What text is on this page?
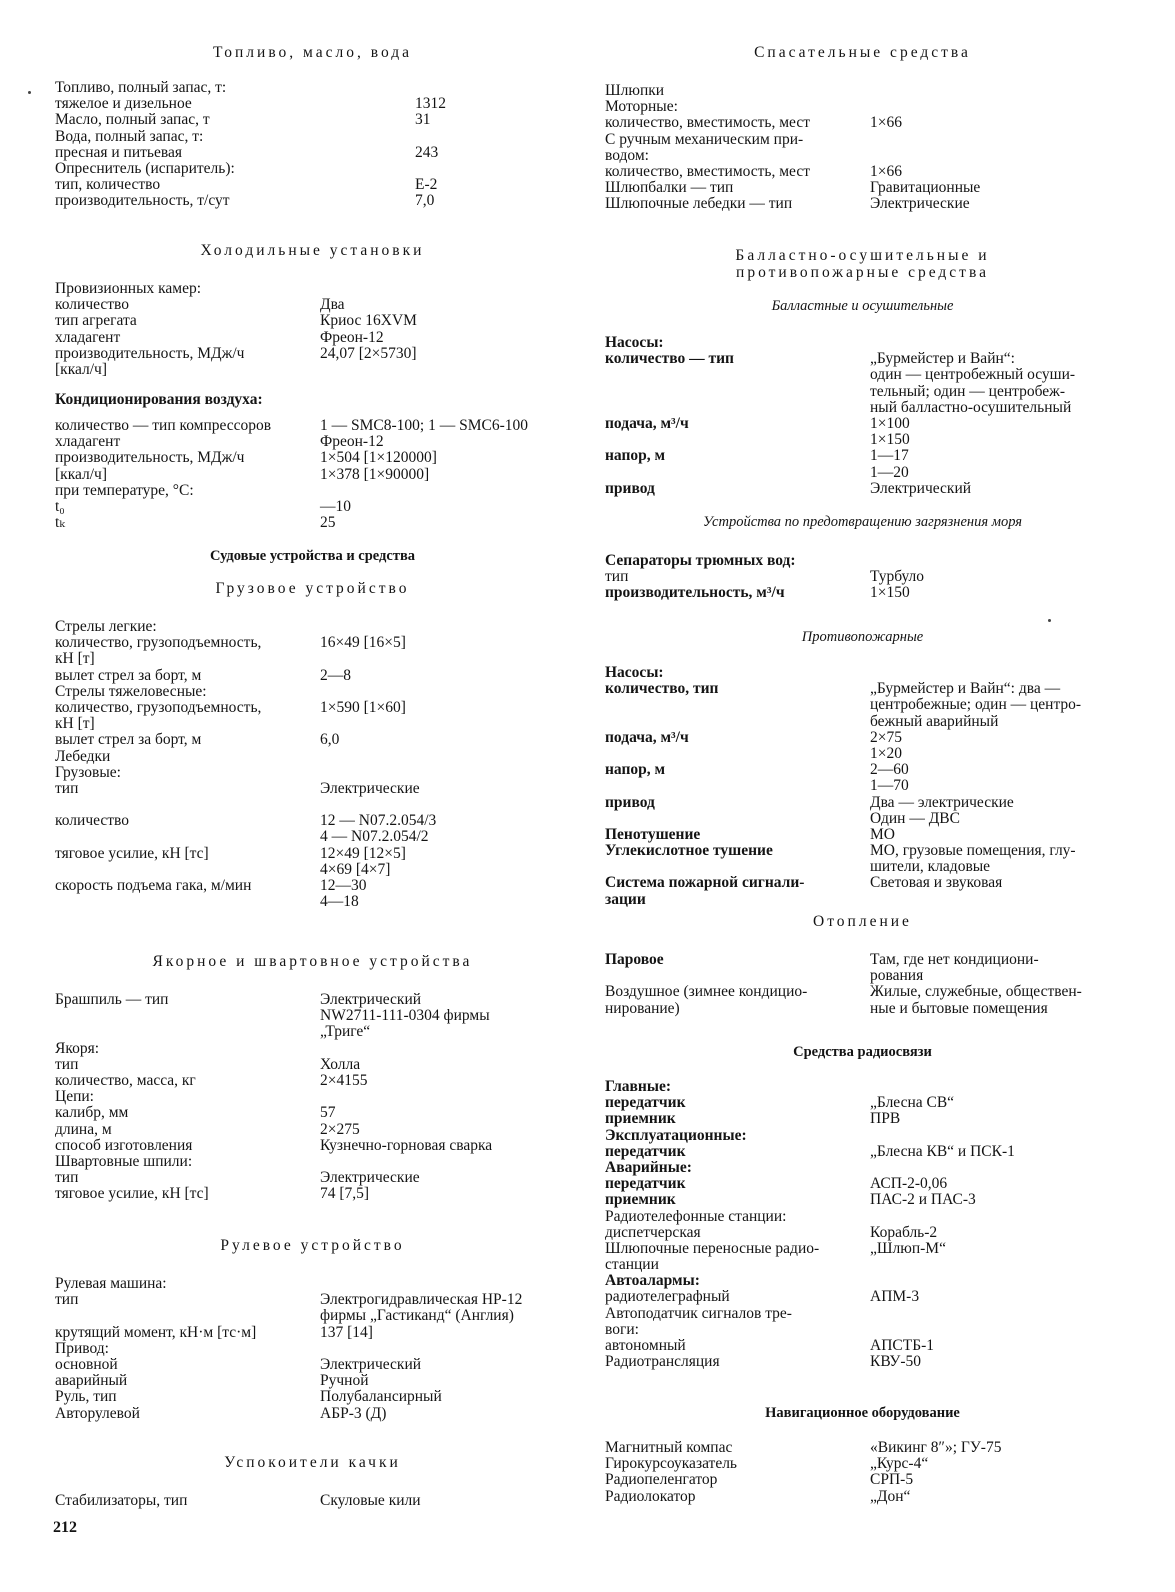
Топливо, масло, вода
Топливо, полный запас, т:
тяжелое и дизельное	1312
Масло, полный запас, т	31
Вода, полный запас, т:
пресная и питьевая	243
Опреснитель (испаритель):
тип, количество	Е-2
производительность, т/сут	7,0
Холодильные установки
Провизионных камер:
количество	Два
тип агрегата	Криос 16XVM
хладагент	Фреон-12
производительность, МДж/ч	24,07 [2×5730]
[ккал/ч]
Кондиционирования воздуха:
количество — тип компрессоров	1 — SMC8-100; 1 — SMC6-100
хладагент	Фреон-12
производительность, МДж/ч	1×504 [1×120000]
[ккал/ч]	1×378 [1×90000]
при температуре, °С:
t₀	—10
tₖ	25
Судовые устройства и средства
Грузовое устройство
Стрелы легкие:
количество, грузоподъемность,	16×49 [16×5]
кН [т]
вылет стрел за борт, м	2—8
Стрелы тяжеловесные:
количество, грузоподъемность,	1×590 [1×60]
кН [т]
вылет стрел за борт, м	6,0
Лебедки
Грузовые:
тип	Электрические
количество	12 — N07.2.054/3
4 — N07.2.054/2
тяговое усилие, кН [тс]	12×49 [12×5]
4×69 [4×7]
скорость подъема гака, м/мин	12—30
4—18
Якорное и швартовное устройства
Брашпиль — тип	Электрический
NW2711-111-0304 фирмы
„Триге“
Якоря:
тип	Холла
количество, масса, кг	2×4155
Цепи:
калибр, мм	57
длина, м	2×275
способ изготовления	Кузнечно-горновая сварка
Швартовные шпили:
тип	Электрические
тяговое усилие, кН [тс]	74 [7,5]
Рулевое устройство
Рулевая машина:
тип	Электрогидравлическая НР-12
фирмы „Гастиканд“ (Англия)
крутящий момент, кН·м [тс·м]	137 [14]
Привод:
основной	Электрический
аварийный	Ручной
Руль, тип	Полубалансирный
Авторулевой	АБР-3 (Д)
Успокоители качки
Стабилизаторы, тип	Скуловые кили
Спасательные средства
Шлюпки
Моторные:
количество, вместимость, мест	1×66
С ручным механическим при-
водом:
количество, вместимость, мест	1×66
Шлюпбалки — тип	Гравитационные
Шлюпочные лебедки — тип	Электрические
Балластно-осушительные и
противопожарные средства
Балластные и осушительные
Насосы:
количество — тип	„Бурмейстер и Вайн“:
один — центробежный осуши-
тельный; один — центробеж-
ный балластно-осушительный
подача, м³/ч	1×100
1×150
напор, м	1—17
1—20
привод	Электрический
Устройства по предотвращению загрязнения моря
Сепараторы трюмных вод:
тип	Турбуло
производительность, м³/ч	1×150
Противопожарные
Насосы:
количество, тип	„Бурмейстер и Вайн“: два —
центробежные; один — центро-
бежный аварийный
подача, м³/ч	2×75
1×20
напор, м	2—60
1—70
привод	Два — электрические
Один — ДВС
Пенотушение	МО
Углекислотное тушение	МО, грузовые помещения, глу-
шители, кладовые
Система пожарной сигнали-	Световая и звуковая
зации
Отопление
Паровое	Там, где нет кондициони-
рования
Воздушное (зимнее кондицио-	Жилые, служебные, обществен-
нирование)	ные и бытовые помещения
Средства радиосвязи
Главные:
передатчик	„Блесна СВ“
приемник	ПРВ
Эксплуатационные:
передатчик	„Блесна КВ“ и ПСК-1
Аварийные:
передатчик	АСП-2-0,06
приемник	ПАС-2 и ПАС-3
Радиотелефонные станции:
диспетчерская	Корабль-2
Шлюпочные переносные радио-	„Шлюп-М“
станции
Автоалармы:
радиотелеграфный	АПМ-3
Автоподатчик сигналов тре-
воги:
автономный	АПСТБ-1
Радиотрансляция	КВУ-50
Навигационное оборудование
Магнитный компас	«Викинг 8″»; ГУ-75
Гирокурсоуказатель	„Курс-4“
Радиопеленгатор	СРП-5
Радиолокатор	„Дон“
212
